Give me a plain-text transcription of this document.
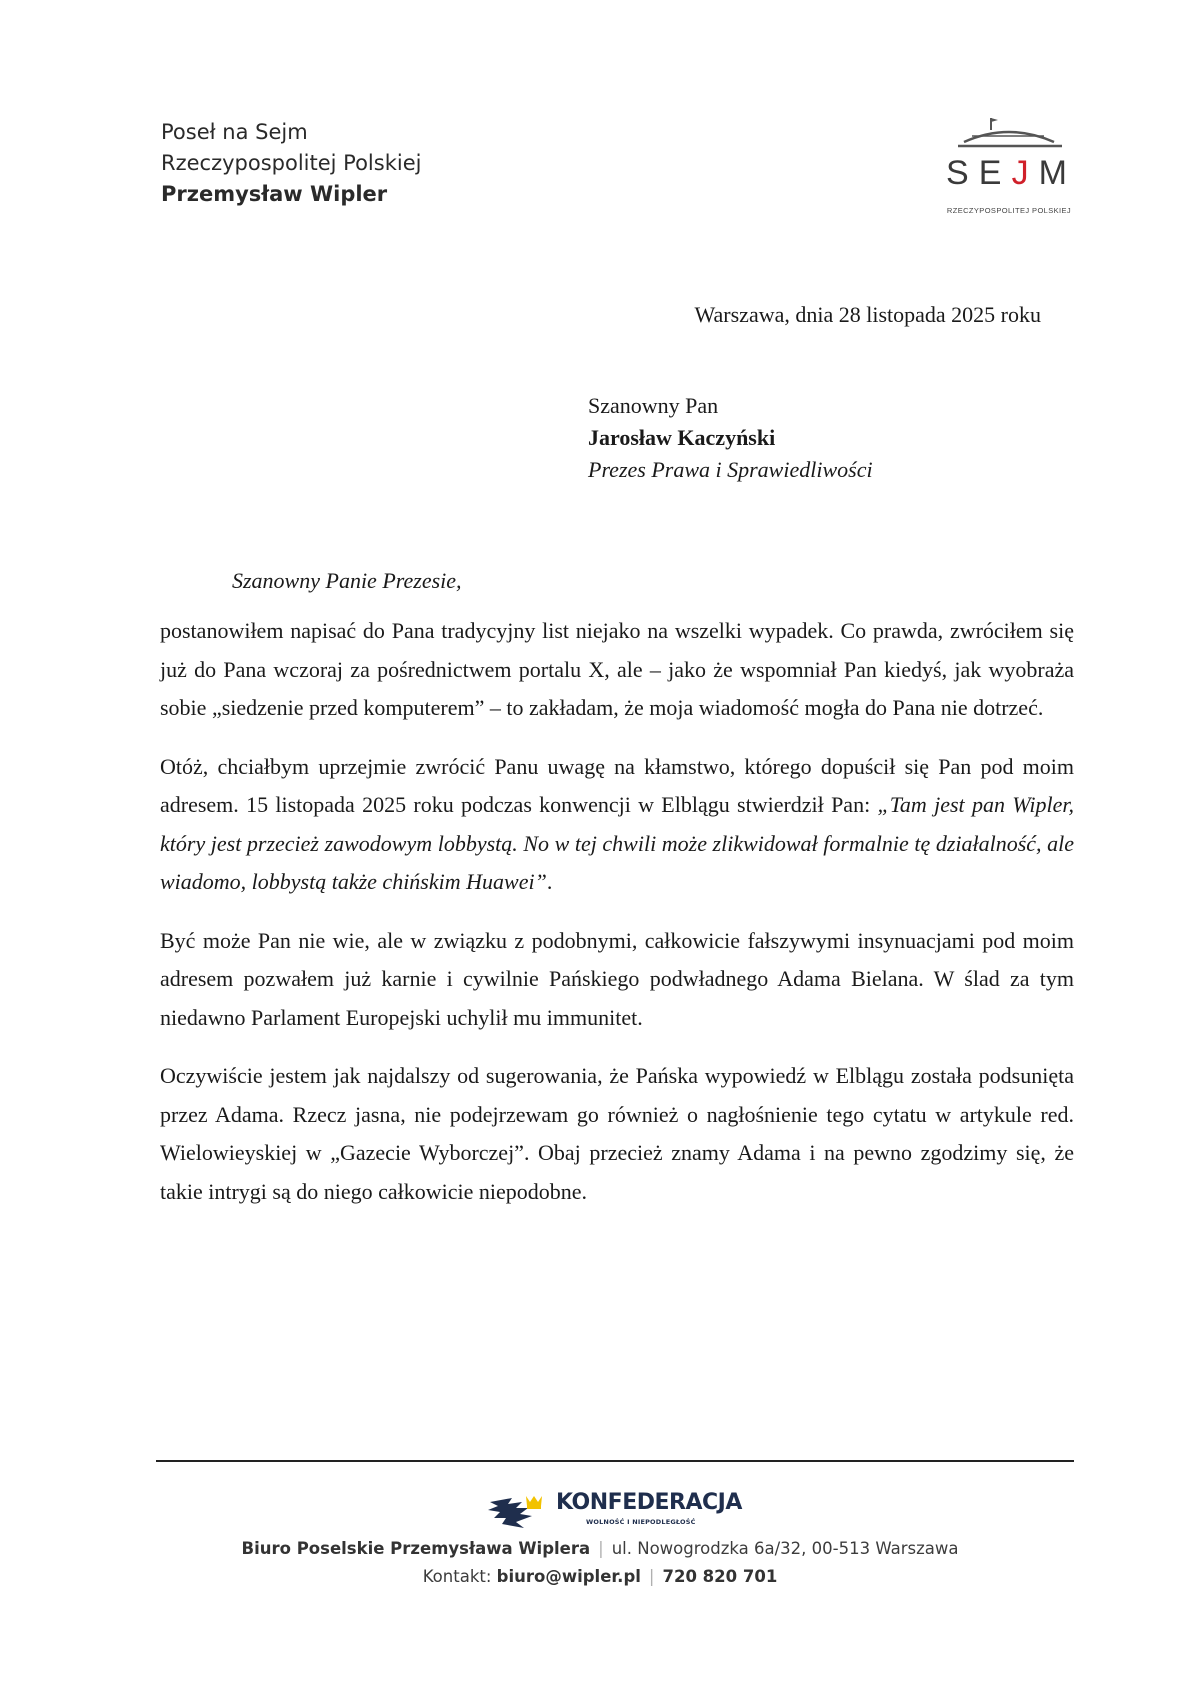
Poseł na Sejm
Rzeczypospolitej Polskiej
Przemysław Wipler
S E J M
RZECZYPOSPOLITEJ POLSKIEJ
Warszawa, dnia 28 listopada 2025 roku
Szanowny Pan
Jarosław Kaczyński
Prezes Prawa i Sprawiedliwości
Szanowny Panie Prezesie,

postanowiłem napisać do Pana tradycyjny list niejako na wszelki wypadek. Co prawda, zwróciłem się już do Pana wczoraj za pośrednictwem portalu X, ale – jako że wspomniał Pan kiedyś, jak wyobraża sobie „siedzenie przed komputerem” – to zakładam, że moja wiadomość mogła do Pana nie dotrzeć.

Otóż, chciałbym uprzejmie zwrócić Panu uwagę na kłamstwo, którego dopuścił się Pan pod moim adresem. 15 listopada 2025 roku podczas konwencji w Elblągu stwierdził Pan: „Tam jest pan Wipler, który jest przecież zawodowym lobbystą. No w tej chwili może zlikwidował formalnie tę działalność, ale wiadomo, lobbystą także chińskim Huawei”.

Być może Pan nie wie, ale w związku z podobnymi, całkowicie fałszywymi insynuacjami pod moim adresem pozwałem już karnie i cywilnie Pańskiego podwładnego Adama Bielana. W ślad za tym niedawno Parlament Europejski uchylił mu immunitet.

Oczywiście jestem jak najdalszy od sugerowania, że Pańska wypowiedź w Elblągu została podsunięta przez Adama. Rzecz jasna, nie podejrzewam go również o nagłośnienie tego cytatu w artykule red. Wielowieyskiej w „Gazecie Wyborczej”. Obaj przecież znamy Adama i na pewno zgodzimy się, że takie intrygi są do niego całkowicie niepodobne.

KONFEDERACJA
WOLNOŚĆ I NIEPODLEGŁOŚĆ
Biuro Poselskie Przemysława Wiplera | ul. Nowogrodzka 6a/32, 00-513 Warszawa
Kontakt: biuro@wipler.pl | 720 820 701
